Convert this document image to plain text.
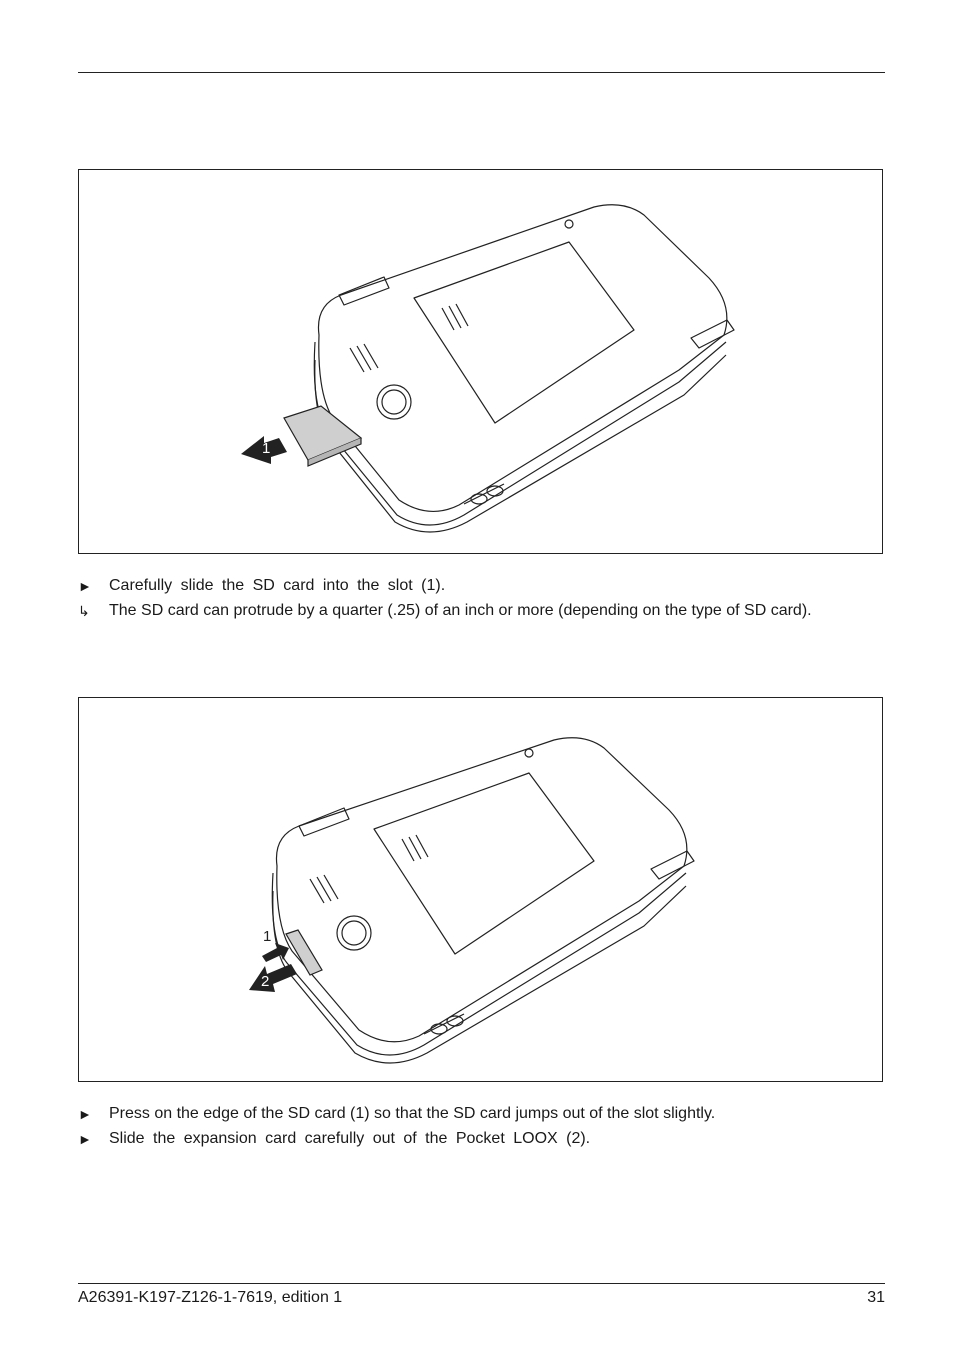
1
►	Carefully slide the SD card into the slot (1).
↳	The SD card can protrude by a quarter (.25) of an inch or more (depending on the type of SD card).
1
2
►	Press on the edge of the SD card (1) so that the SD card jumps out of the slot slightly.
►	Slide the expansion card carefully out of the Pocket LOOX (2).
A26391-K197-Z126-1-7619, edition 1	31
